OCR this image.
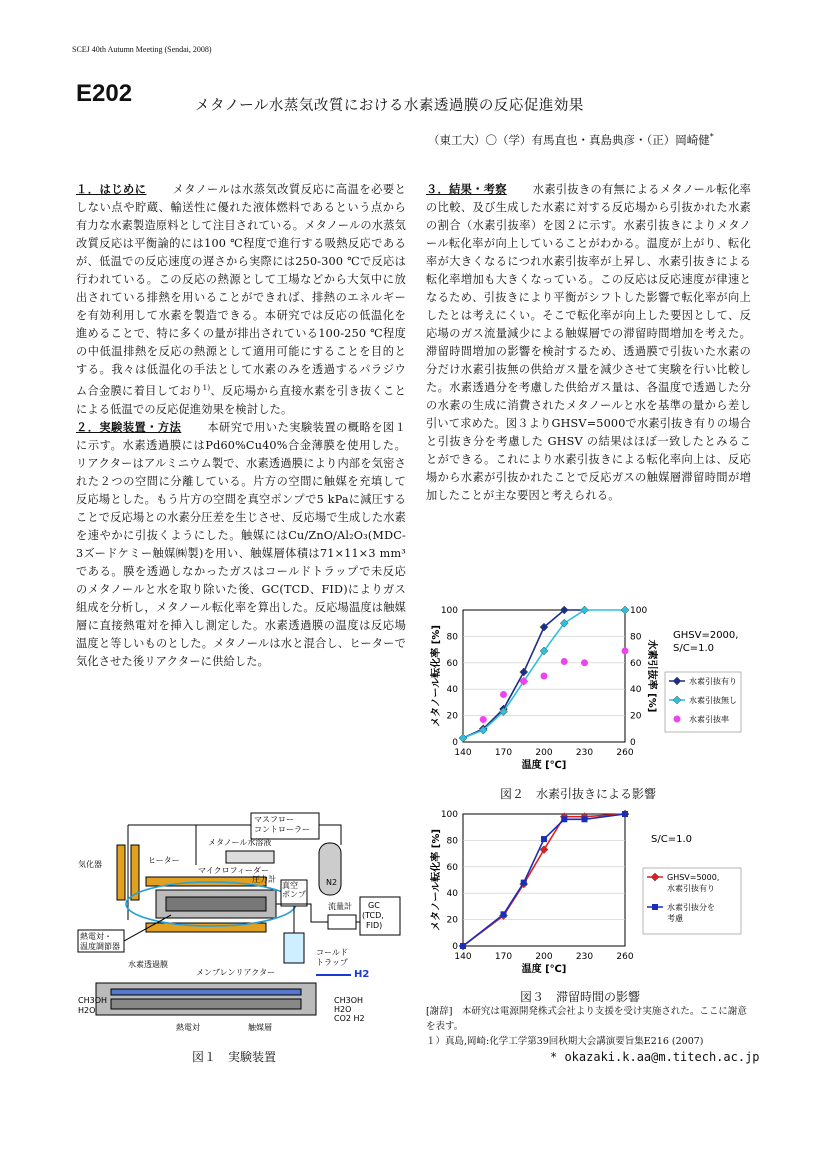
SCEJ 40th Autumn Meeting (Sendai, 2008)
E202	メタノール水蒸気改質における水素透過膜の反応促進効果
（東工大）〇（学）有馬直也・真島典彦・（正）岡崎健*

１．はじめに メタノールは水蒸気改質反応に高温を必要としない点や貯蔵、輸送性に優れた液体燃料であるという点から有力な水素製造原料として注目されている。メタノールの水蒸気改質反応は平衡論的には100 ℃程度で進行する吸熱反応であるが、低温での反応速度の遅さから実際には250-300 ℃で反応は行われている。この反応の熱源として工場などから大気中に放出されている排熱を用いることができれば、排熱のエネルギーを有効利用して水素を製造できる。本研究では反応の低温化を進めることで、特に多くの量が排出されている100-250 ℃程度の中低温排熱を反応の熱源として適用可能にすることを目的とする。我々は低温化の手法として水素のみを透過するパラジウム合金膜に着目しており$^{1)}$、反応場から直接水素を引き抜くことによる低温での反応促進効果を検討した。

２．実験装置・方法 本研究で用いた実験装置の概略を図１に示す。水素透過膜にはPd60%Cu40%合金薄膜を使用した。リアクターはアルミニウム製で、水素透過膜により内部を気密された２つの空間に分離している。片方の空間に触媒を充填して反応場とした。もう片方の空間を真空ポンプで5 kPaに減圧することで反応場との水素分圧差を生じさせ、反応場で生成した水素を速やかに引抜くようにした。触媒にはCu/ZnO/Al₂O₃(MDC-3ズードケミー触媒㈱製)を用い、触媒層体積は71×11×3 mm³である。膜を透過しなかったガスはコールドトラップで未反応のメタノールと水を取り除いた後、GC(TCD、FID)によりガス組成を分析し，メタノール転化率を算出した。反応場温度は触媒層に直接熱電対を挿入し測定した。水素透過膜の温度は反応場温度と等しいものとした。メタノールは水と混合し、ヒーターで気化させた後リアクターに供給した。

３．結果・考察 水素引抜きの有無によるメタノール転化率の比較、及び生成した水素に対する反応場から引抜かれた水素の割合（水素引抜率）を図２に示す。水素引抜きによりメタノール転化率が向上していることがわかる。温度が上がり、転化率が大きくなるにつれ水素引抜率が上昇し、水素引抜きによる転化率増加も大きくなっている。この反応は反応速度が律速となるため、引抜きにより平衡がシフトした影響で転化率が向上したとは考えにくい。そこで転化率が向上した要因として、反応場のガス流量減少による触媒層での滞留時間増加を考えた。滞留時間増加の影響を検討するため、透過膜で引抜いた水素の分だけ水素引抜無の供給ガス量を減少させて実験を行い比較した。水素透過分を考慮した供給ガス量は、各温度で透過した分の水素の生成に消費されたメタノールと水を基準の量から差し引いて求めた。図３よりGHSV=5000で水素引抜き有りの場合と引抜き分を考慮した GHSV の結果はほぼ一致したとみることができる。これにより水素引抜きによる転化率向上は、反応場から水素が引抜かれたことで反応ガスの触媒層滞留時間が増加したことが主な要因と考えられる。

マスフローコントローラー
メタノール水溶液
マイクロフィーダー
圧力計
気化器	ヒーター
真空ポンプ
流量計	GC (TCD, FID)
熱電対・温度調節器
コールドトラップ
N2
水素透過膜
メンブレンリアクター	H2
CH3OH H2O
CH3OH H2O CO2 H2
熱電対	触媒層
図１　実験装置
0	0
20	20
40	40
60	60
80	80
100	100
140	170	200	230	260
温度 [℃]
メタノール転化率 [%]	水素引抜率 [%]
GHSV=2000,
S/C=1.0
水素引抜有り
水素引抜無し
水素引抜率
図２　水素引抜きによる影響
0
20
40
60
80
100
140	170	200	230	260
温度 [℃]
メタノール転化率 [%]	S/C=1.0
GHSV=5000,
水素引抜有り
水素引抜分を
考慮
図３　滞留時間の影響
[謝辞]　本研究は電源開発株式会社より支援を受け実施された。ここに謝意を表す。
１）真島,岡崎:化学工学第39回秋期大会講演要旨集E216 (2007)
* okazaki.k.aa@m.titech.ac.jp
